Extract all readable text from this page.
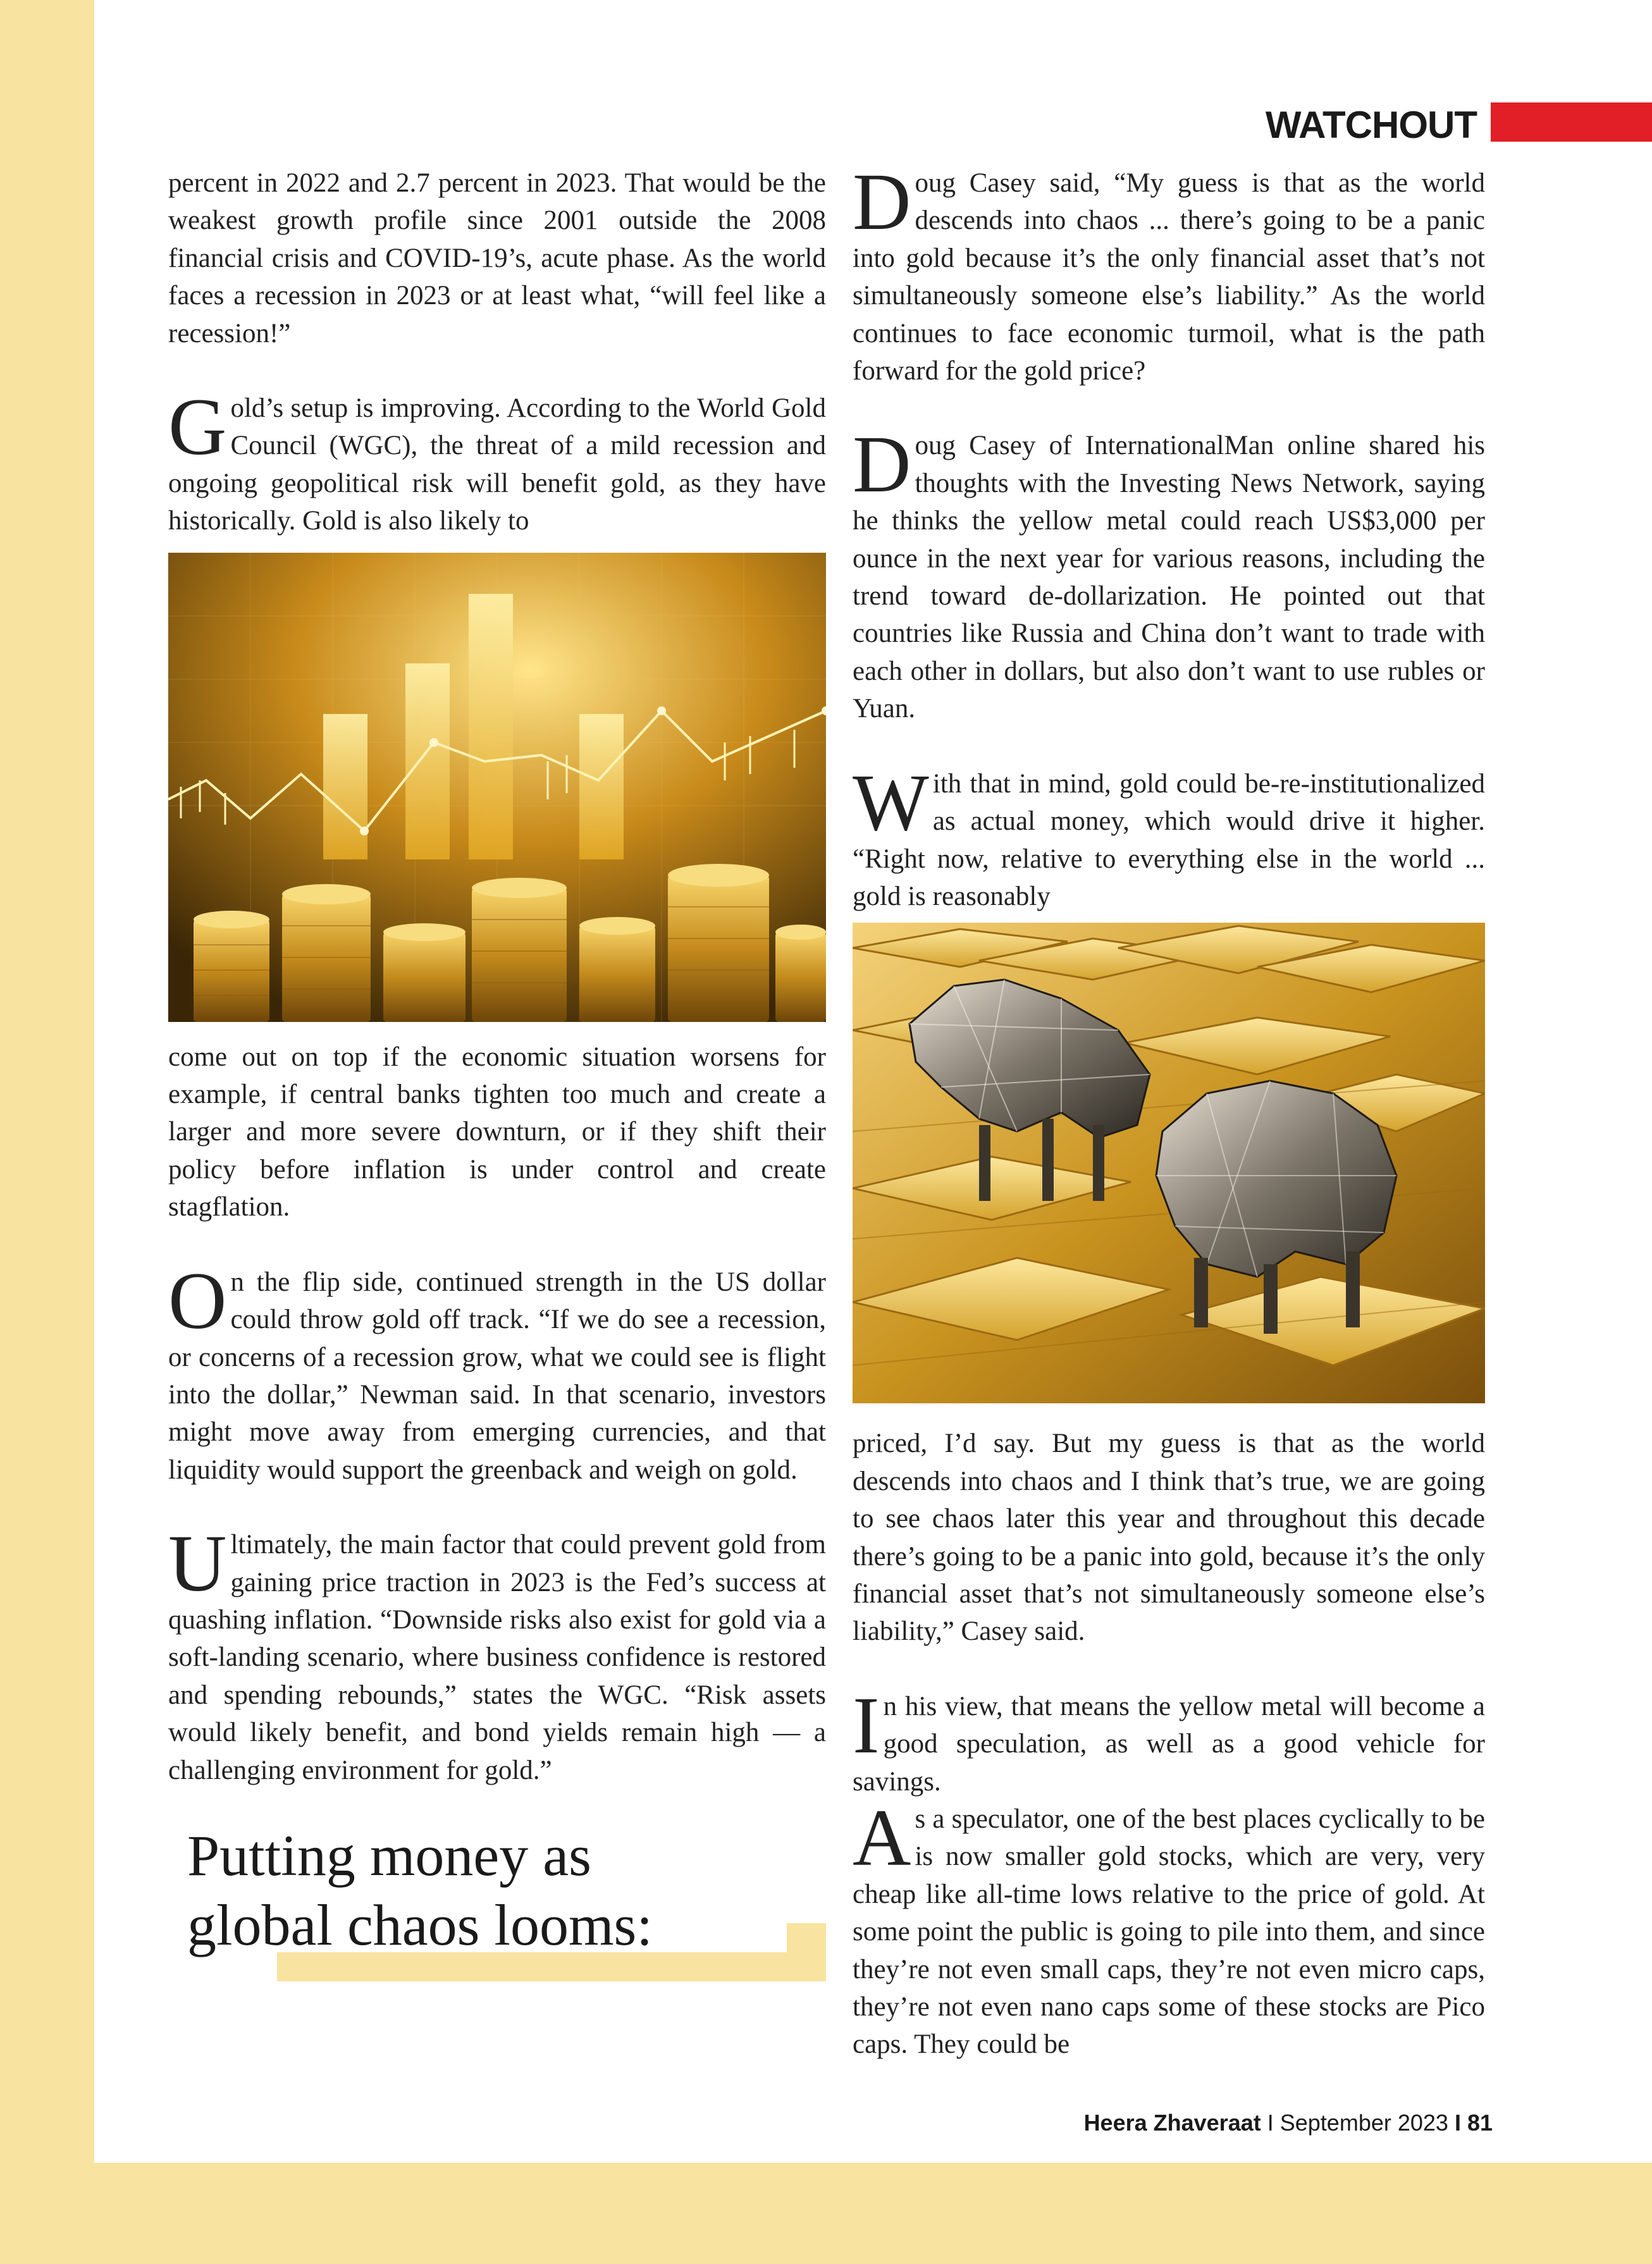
WATCHOUT

percent in 2022 and 2.7 percent in 2023. That would be the weakest growth profile since 2001 outside the 2008 financial crisis and COVID-19’s, acute phase. As the world faces a recession in 2023 or at least what, “will feel like a recession!”

Gold’s setup is improving. According to the World Gold Council (WGC), the threat of a mild recession and ongoing geopolitical risk will benefit gold, as they have historically. Gold is also likely to

come out on top if the economic situation worsens for example, if central banks tighten too much and create a larger and more severe downturn, or if they shift their policy before inflation is under control and create stagflation.

On the flip side, continued strength in the US dollar could throw gold off track. “If we do see a recession, or concerns of a recession grow, what we could see is flight into the dollar,” Newman said. In that scenario, investors might move away from emerging currencies, and that liquidity would support the greenback and weigh on gold.

Ultimately, the main factor that could prevent gold from gaining price traction in 2023 is the Fed’s success at quashing inflation. “Downside risks also exist for gold via a soft-landing scenario, where business confidence is restored and spending rebounds,” states the WGC. “Risk assets would likely benefit, and bond yields remain high — a challenging environment for gold.”

Putting money as
global chaos looms:

Doug Casey said, “My guess is that as the world descends into chaos ... there’s going to be a panic into gold because it’s the only financial asset that’s not simultaneously someone else’s liability.” As the world continues to face economic turmoil, what is the path forward for the gold price?

Doug Casey of InternationalMan online shared his thoughts with the Investing News Network, saying he thinks the yellow metal could reach US$3,000 per ounce in the next year for various reasons, including the trend toward de-dollarization. He pointed out that countries like Russia and China don’t want to trade with each other in dollars, but also don’t want to use rubles or Yuan.

With that in mind, gold could be-re-institutionalized as actual money, which would drive it higher. “Right now, relative to everything else in the world ... gold is reasonably

priced, I’d say. But my guess is that as the world descends into chaos and I think that’s true, we are going to see chaos later this year and throughout this decade there’s going to be a panic into gold, because it’s the only financial asset that’s not simultaneously someone else’s liability,” Casey said.

In his view, that means the yellow metal will become a good speculation, as well as a good vehicle for savings.

As a speculator, one of the best places cyclically to be is now smaller gold stocks, which are very, very cheap like all-time lows relative to the price of gold. At some point the public is going to pile into them, and since they’re not even small caps, they’re not even micro caps, they’re not even nano caps some of these stocks are Pico caps. They could be

Heera Zhaveraat I September 2023 I 81
